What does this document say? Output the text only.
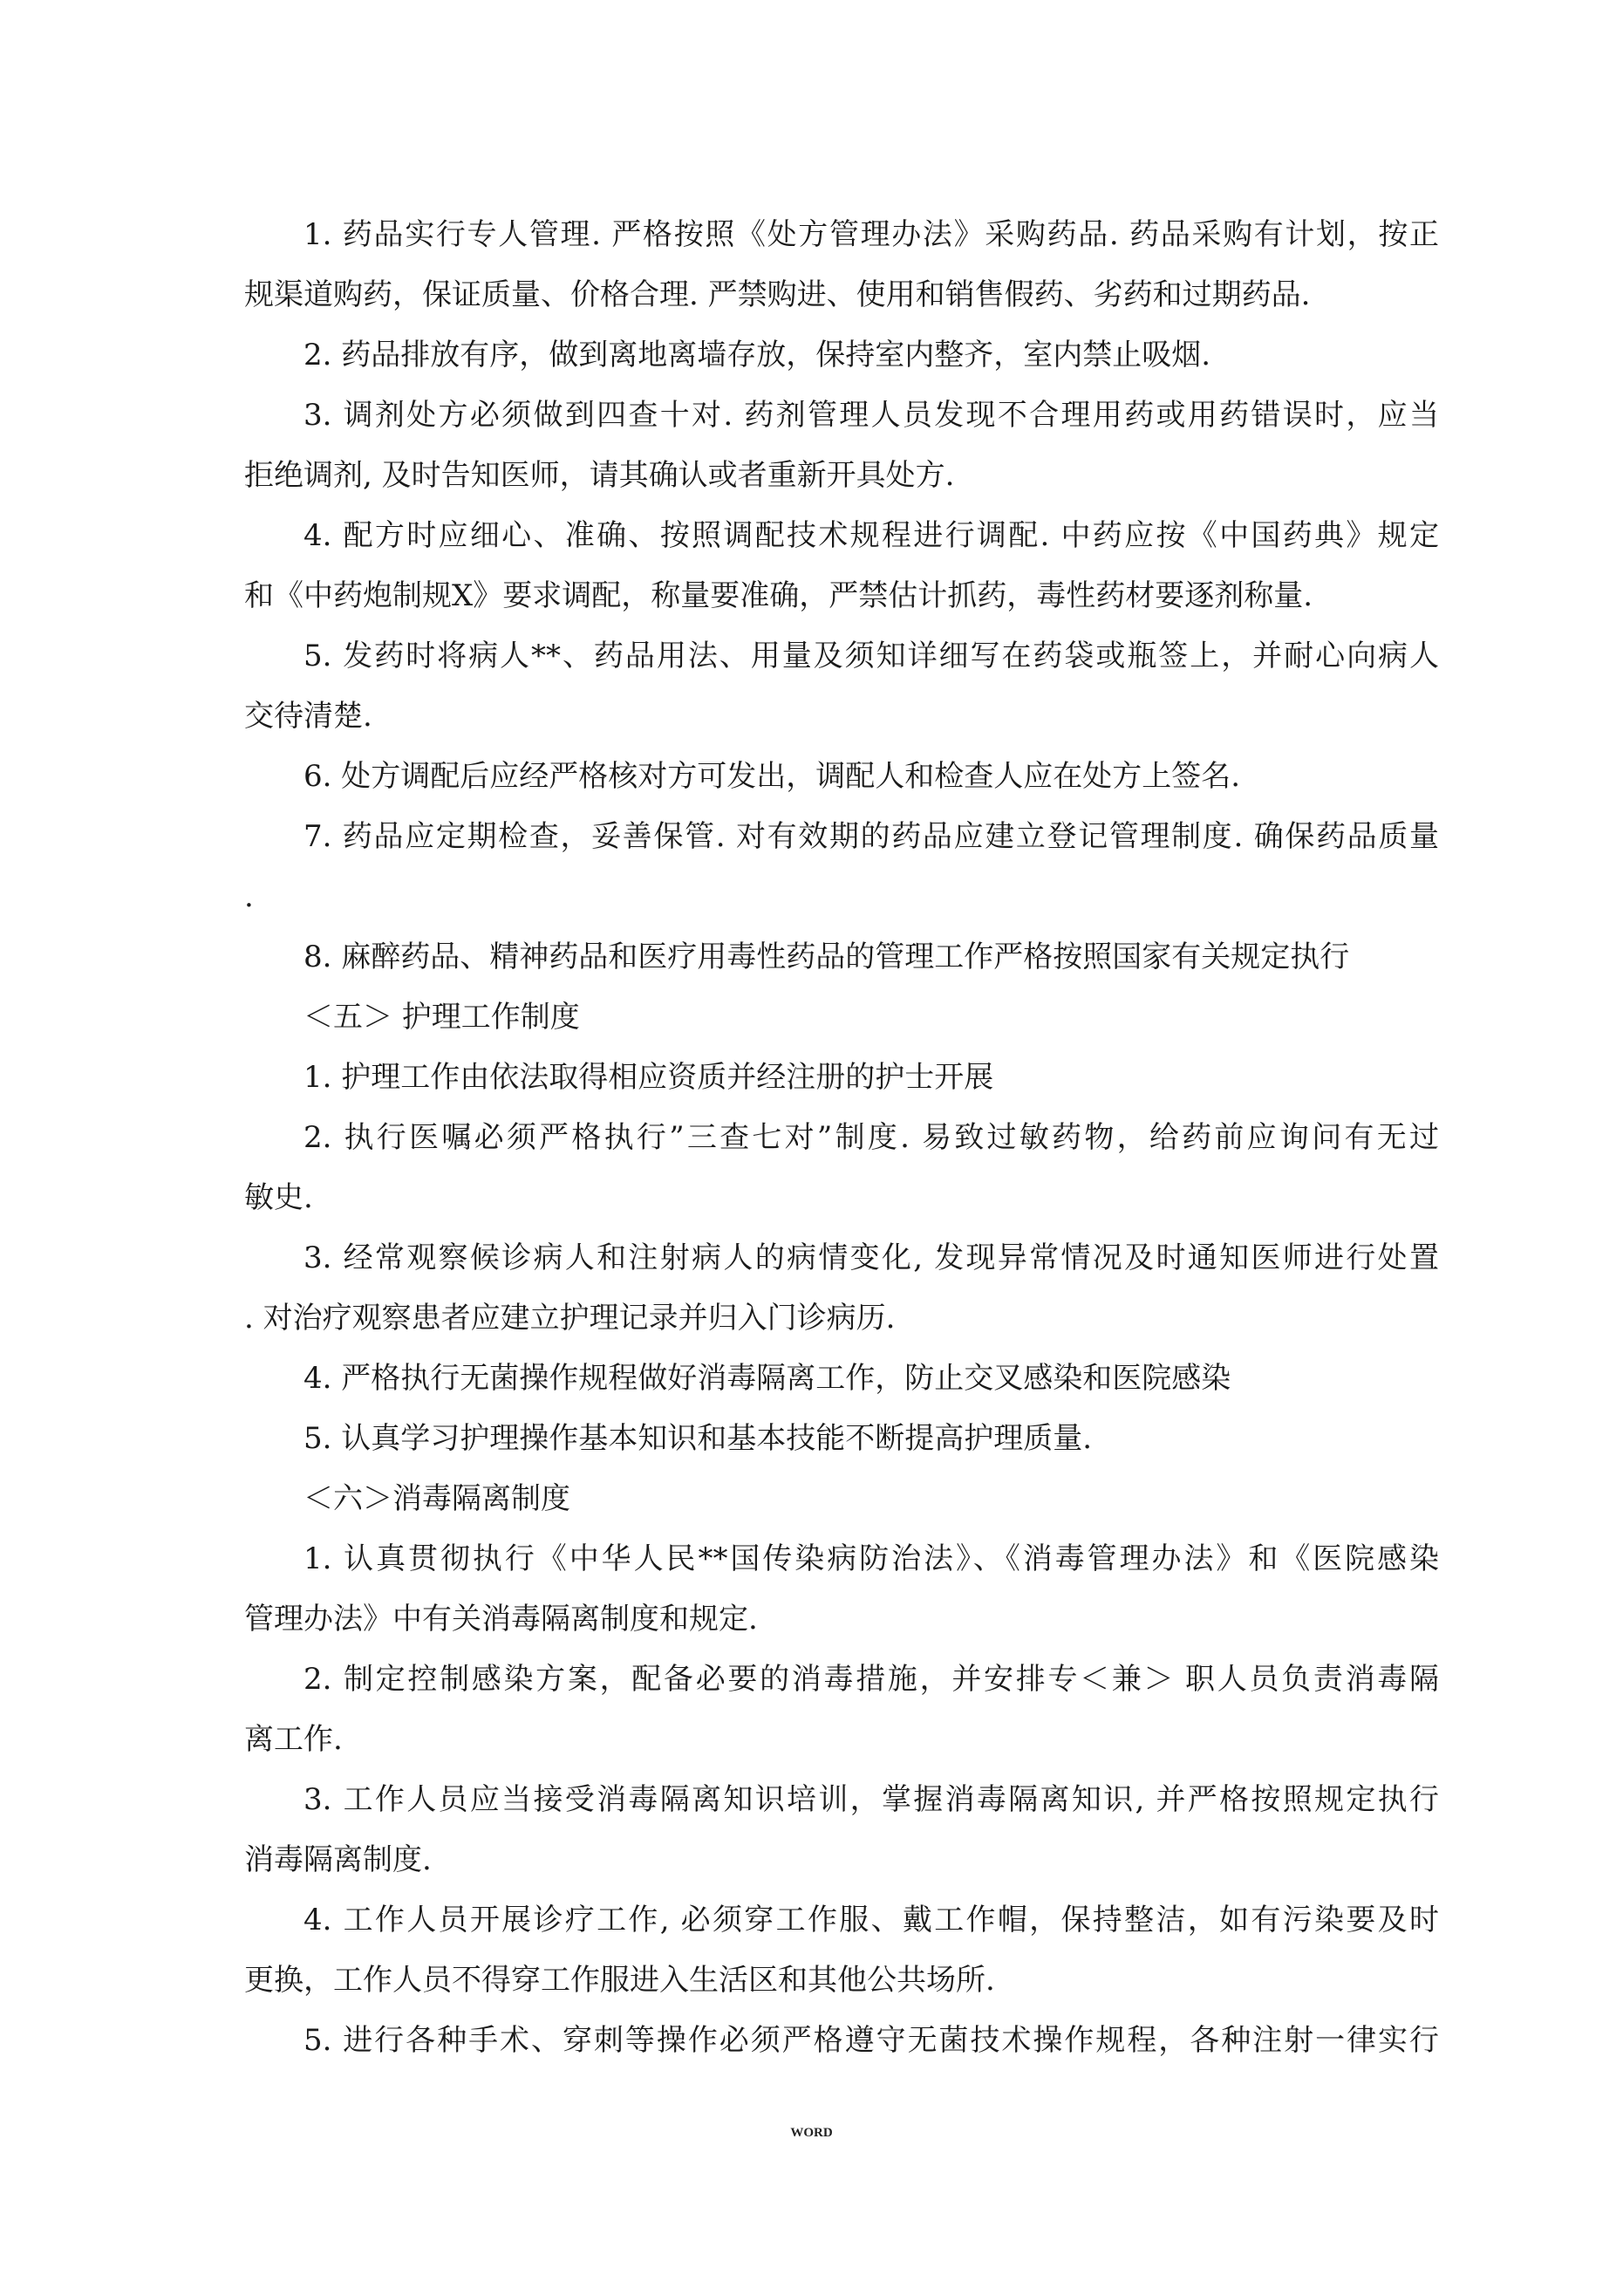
1. 药品实行专人管理. 严格按照《处方管理办法》采购药品. 药品采购有计划，按正
规渠道购药，保证质量、价格合理. 严禁购进、使用和销售假药、劣药和过期药品.
2. 药品排放有序，做到离地离墙存放，保持室内整齐，室内禁止吸烟.
3. 调剂处方必须做到四查十对. 药剂管理人员发现不合理用药或用药错误时，应当
拒绝调剂, 及时告知医师，请其确认或者重新开具处方.
4. 配方时应细心、准确、按照调配技术规程进行调配. 中药应按《中国药典》规定
和《中药炮制规Ⅹ》要求调配，称量要准确，严禁估计抓药，毒性药材要逐剂称量.
5. 发药时将病人**、药品用法、用量及须知详细写在药袋或瓶签上，并耐心向病人
交待清楚.
6. 处方调配后应经严格核对方可发出，调配人和检查人应在处方上签名.
7. 药品应定期检查，妥善保管. 对有效期的药品应建立登记管理制度. 确保药品质量
.
8. 麻醉药品、精神药品和医疗用毒性药品的管理工作严格按照国家有关规定执行
＜五＞ 护理工作制度
1. 护理工作由依法取得相应资质并经注册的护士开展
2. 执行医嘱必须严格执行”三查七对”制度. 易致过敏药物，给药前应询问有无过
敏史.
3. 经常观察候诊病人和注射病人的病情变化, 发现异常情况及时通知医师进行处置
. 对治疗观察患者应建立护理记录并归入门诊病历.
4. 严格执行无菌操作规程做好消毒隔离工作，防止交叉感染和医院感染
5. 认真学习护理操作基本知识和基本技能不断提高护理质量.
＜六＞消毒隔离制度
1. 认真贯彻执行《中华人民**国传染病防治法》、《消毒管理办法》和《医院感染
管理办法》中有关消毒隔离制度和规定.
2. 制定控制感染方案，配备必要的消毒措施，并安排专＜兼＞ 职人员负责消毒隔
离工作.
3. 工作人员应当接受消毒隔离知识培训，掌握消毒隔离知识, 并严格按照规定执行
消毒隔离制度.
4. 工作人员开展诊疗工作, 必须穿工作服、戴工作帽，保持整洁，如有污染要及时
更换，工作人员不得穿工作服进入生活区和其他公共场所.
5. 进行各种手术、穿刺等操作必须严格遵守无菌技术操作规程，各种注射一律实行
WORD
